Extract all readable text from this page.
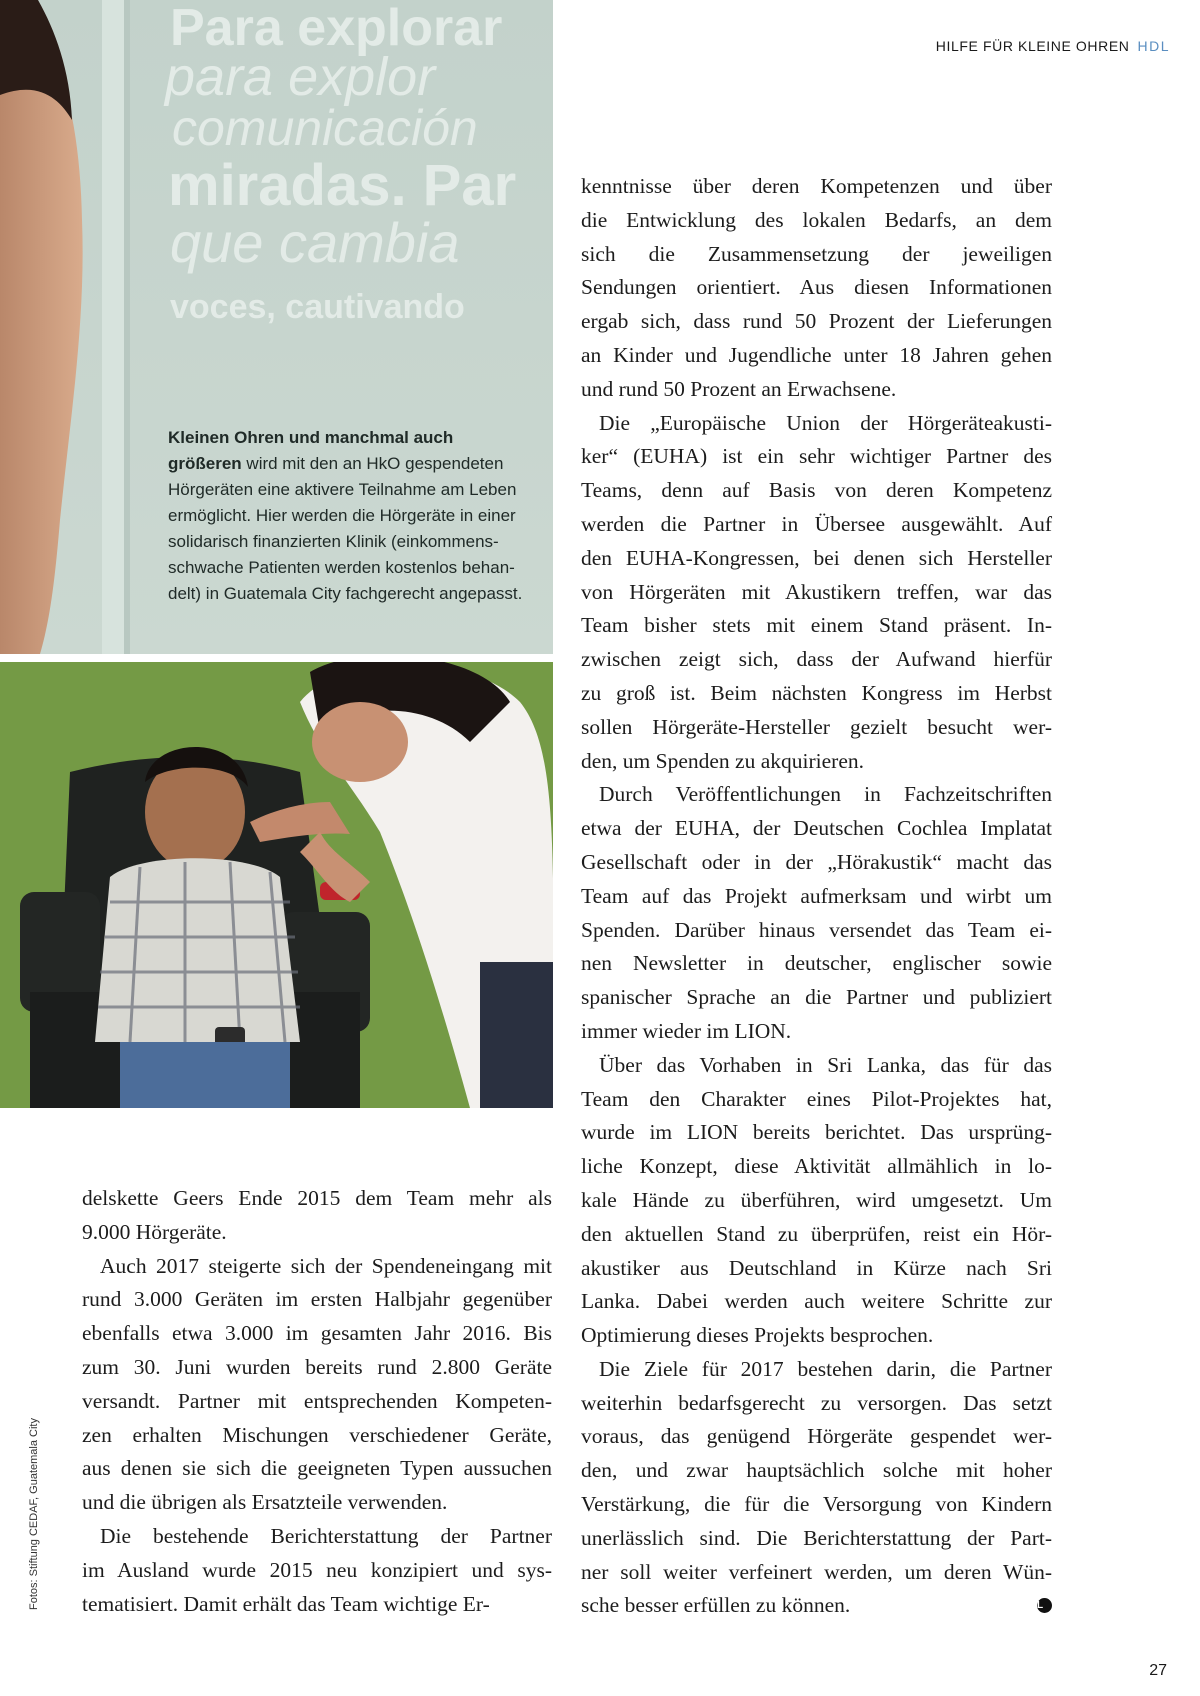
HILFE FÜR KLEINE OHREN HDL
Para explorar
para explor
comunicación
miradas. Par
que cambia
voces, cautivando
Kleinen Ohren und manchmal auch
größeren wird mit den an HkO gespendeten
Hörgeräten eine aktivere Teilnahme am Leben
ermöglicht. Hier werden die Hörgeräte in einer
solidarisch finanzierten Klinik (einkommens-
schwache Patienten werden kostenlos behan-
delt) in Guatemala City fachgerecht angepasst.

delskette Geers Ende 2015 dem Team mehr als
9.000 Hörgeräte.

Auch 2017 steigerte sich der Spendeneingang mit
rund 3.000 Geräten im ersten Halbjahr gegenüber
ebenfalls etwa 3.000 im gesamten Jahr 2016. Bis
zum 30. Juni wurden bereits rund 2.800 Geräte
versandt. Partner mit entsprechenden Kompeten-
zen erhalten Mischungen verschiedener Geräte,
aus denen sie sich die geeigneten Typen aussuchen
und die übrigen als Ersatzteile verwenden.

Die bestehende Berichterstattung der Partner
im Ausland wurde 2015 neu konzipiert und sys-
tematisiert. Damit erhält das Team wichtige Er-

kenntnisse über deren Kompetenzen und über
die Entwicklung des lokalen Bedarfs, an dem
sich die Zusammensetzung der jeweiligen
Sendungen orientiert. Aus diesen Informationen
ergab sich, dass rund 50 Prozent der Lieferungen
an Kinder und Jugendliche unter 18 Jahren gehen
und rund 50 Prozent an Erwachsene.

Die „Europäische Union der Hörgeräteakusti-
ker“ (EUHA) ist ein sehr wichtiger Partner des
Teams, denn auf Basis von deren Kompetenz
werden die Partner in Übersee ausgewählt. Auf
den EUHA-Kongressen, bei denen sich Hersteller
von Hörgeräten mit Akustikern treffen, war das
Team bisher stets mit einem Stand präsent. In-
zwischen zeigt sich, dass der Aufwand hierfür
zu groß ist. Beim nächsten Kongress im Herbst
sollen Hörgeräte-Hersteller gezielt besucht wer-
den, um Spenden zu akquirieren.

Durch Veröffentlichungen in Fachzeitschriften
etwa der EUHA, der Deutschen Cochlea Implatat
Gesellschaft oder in der „Hörakustik“ macht das
Team auf das Projekt aufmerksam und wirbt um
Spenden. Darüber hinaus versendet das Team ei-
nen Newsletter in deutscher, englischer sowie
spanischer Sprache an die Partner und publiziert
immer wieder im LION.

Über das Vorhaben in Sri Lanka, das für das
Team den Charakter eines Pilot-Projektes hat,
wurde im LION bereits berichtet. Das ursprüng-
liche Konzept, diese Aktivität allmählich in lo-
kale Hände zu überführen, wird umgesetzt. Um
den aktuellen Stand zu überprüfen, reist ein Hör-
akustiker aus Deutschland in Kürze nach Sri
Lanka. Dabei werden auch weitere Schritte zur
Optimierung dieses Projekts besprochen.

Die Ziele für 2017 bestehen darin, die Partner
weiterhin bedarfsgerecht zu versorgen. Das setzt
voraus, das genügend Hörgeräte gespendet wer-
den, und zwar hauptsächlich solche mit hoher
Verstärkung, die für die Versorgung von Kindern
unerlässlich sind. Die Berichterstattung der Part-
ner soll weiter verfeinert werden, um deren Wün-
sche besser erfüllen zu können.	L

Fotos: Stiftung CEDAF, Guatemala City
27
